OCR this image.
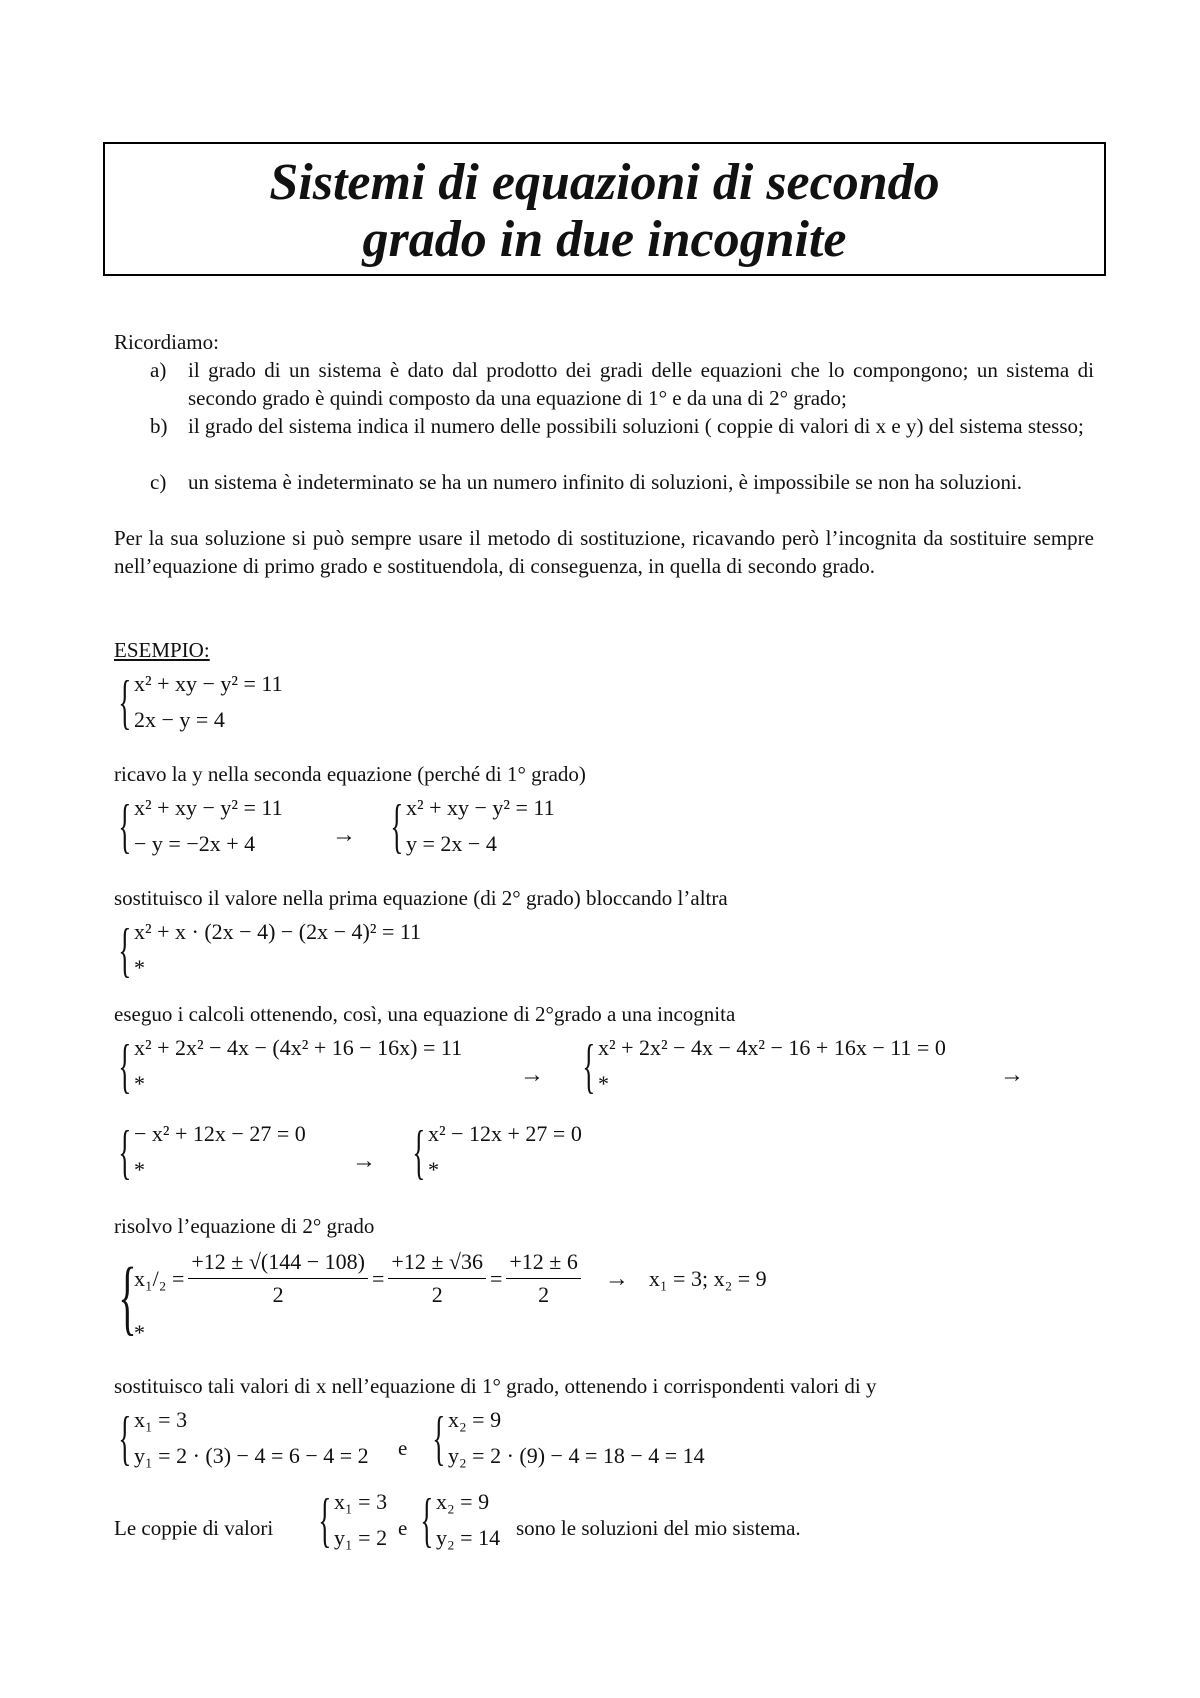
Sistemi di equazioni di secondo
grado in due incognite
Ricordiamo:
a)	il grado di un sistema è dato dal prodotto dei gradi delle equazioni che lo compongono; un sistema di secondo grado è quindi composto da una equazione di 1° e da una di 2° grado;
b) il grado del sistema indica il numero delle possibili soluzioni ( coppie di valori di x e y) del sistema stesso;
c)	un sistema è indeterminato se ha un numero infinito di soluzioni, è impossibile se non ha soluzioni.
Per la sua soluzione si può sempre usare il metodo di sostituzione, ricavando però l’incognita da sostituire sempre nell’equazione di primo grado e sostituendola, di conseguenza, in quella di secondo grado.
ESEMPIO:
{ x² + xy − y² = 11
2x − y = 4
ricavo la y nella seconda equazione (perché di 1° grado)
{ x² + xy − y² = 11
− y = −2x + 4	→ { x² + xy − y² = 11
y = 2x − 4
sostituisco il valore nella prima equazione (di 2° grado) bloccando l’altra
{ x² + x · (2x − 4) − (2x − 4)² = 11
*
eseguo i calcoli ottenendo, così, una equazione di 2°grado a una incognita
{ x² + 2x² − 4x − (4x² + 16 − 16x) = 11
*	→ { x² + 2x² − 4x − 4x² − 16 + 16x − 11 = 0
*	→
{ − x² + 12x − 27 = 0
*	→ { x² − 12x + 27 = 0
*
risolvo l’equazione di 2° grado
{
$x_1/_2 = \frac{+12 \pm √(144 - 108)}{2} = \frac{+12 \pm √36}{2} = \frac{+12 \pm 6}{2} \to x_1 = 3$; x₂ = 9
*
sostituisco tali valori di x nell’equazione di 1° grado, ottenendo i corrispondenti valori di y
{ x₁ = 3
y₁ = 2 · (3) − 4 = 6 − 4 = 2 e { x₂ = 9
y₂ = 2 · (9) − 4 = 18 − 4 = 14
Le coppie di valori { x₁ = 3
y₁ = 2 e { x₂ = 9
y₂ = 14 sono le soluzioni del mio sistema.
